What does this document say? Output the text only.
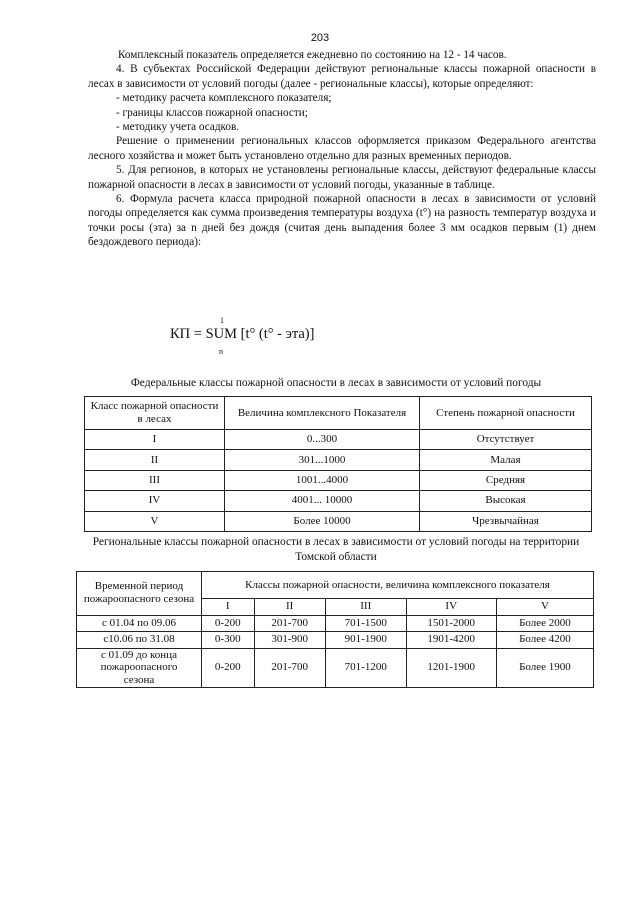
203

Комплексный показатель определяется ежедневно по состоянию на 12 - 14 часов.

4. В субъектах Российской Федерации действуют региональные классы пожарной опасности в лесах в зависимости от условий погоды (далее - региональные классы), которые определяют:

- методику расчета комплексного показателя;

- границы классов пожарной опасности;

- методику учета осадков.

Решение о применении региональных классов оформляется приказом Федерального агентства лесного хозяйства и может быть установлено отдельно для разных временных периодов.

5. Для регионов, в которых не установлены региональные классы, действуют федеральные классы пожарной опасности в лесах в зависимости от условий погоды, указанные в таблице.

6. Формула расчета класса природной пожарной опасности в лесах в зависимости от условий погоды определяется как сумма произведения температуры воздуха (t°) на разность температур воздуха и точки росы (эта) за n дней без дождя (считая день выпадения более 3 мм осадков первым (1) днем бездождевого периода):

1
КП = SUM [t° (t° - эта)]
n
Федеральные классы пожарной опасности в лесах в зависимости от условий погоды
Класс пожарной опасности в лесах	Величина комплексного Показателя	Степень пожарной опасности
I	0...300	Отсутствует
II	301...1000	Малая
III	1001...4000	Средняя
IV	4001... 10000	Высокая
V	Более 10000	Чрезвычайная
Региональные классы пожарной опасности в лесах в зависимости от условий погоды на территории Томской области
Временной период пожароопасного сезона	Классы пожарной опасности, величина комплексного показателя				
	I	II	III	IV	V
с 01.04 по 09.06	0-200	201-700	701-1500	1501-2000	Более 2000
с10.06 по 31.08	0-300	301-900	901-1900	1901-4200	Более 4200
с 01.09 до конца пожароопасного сезона	0-200	201-700	701-1200	1201-1900	Более 1900
